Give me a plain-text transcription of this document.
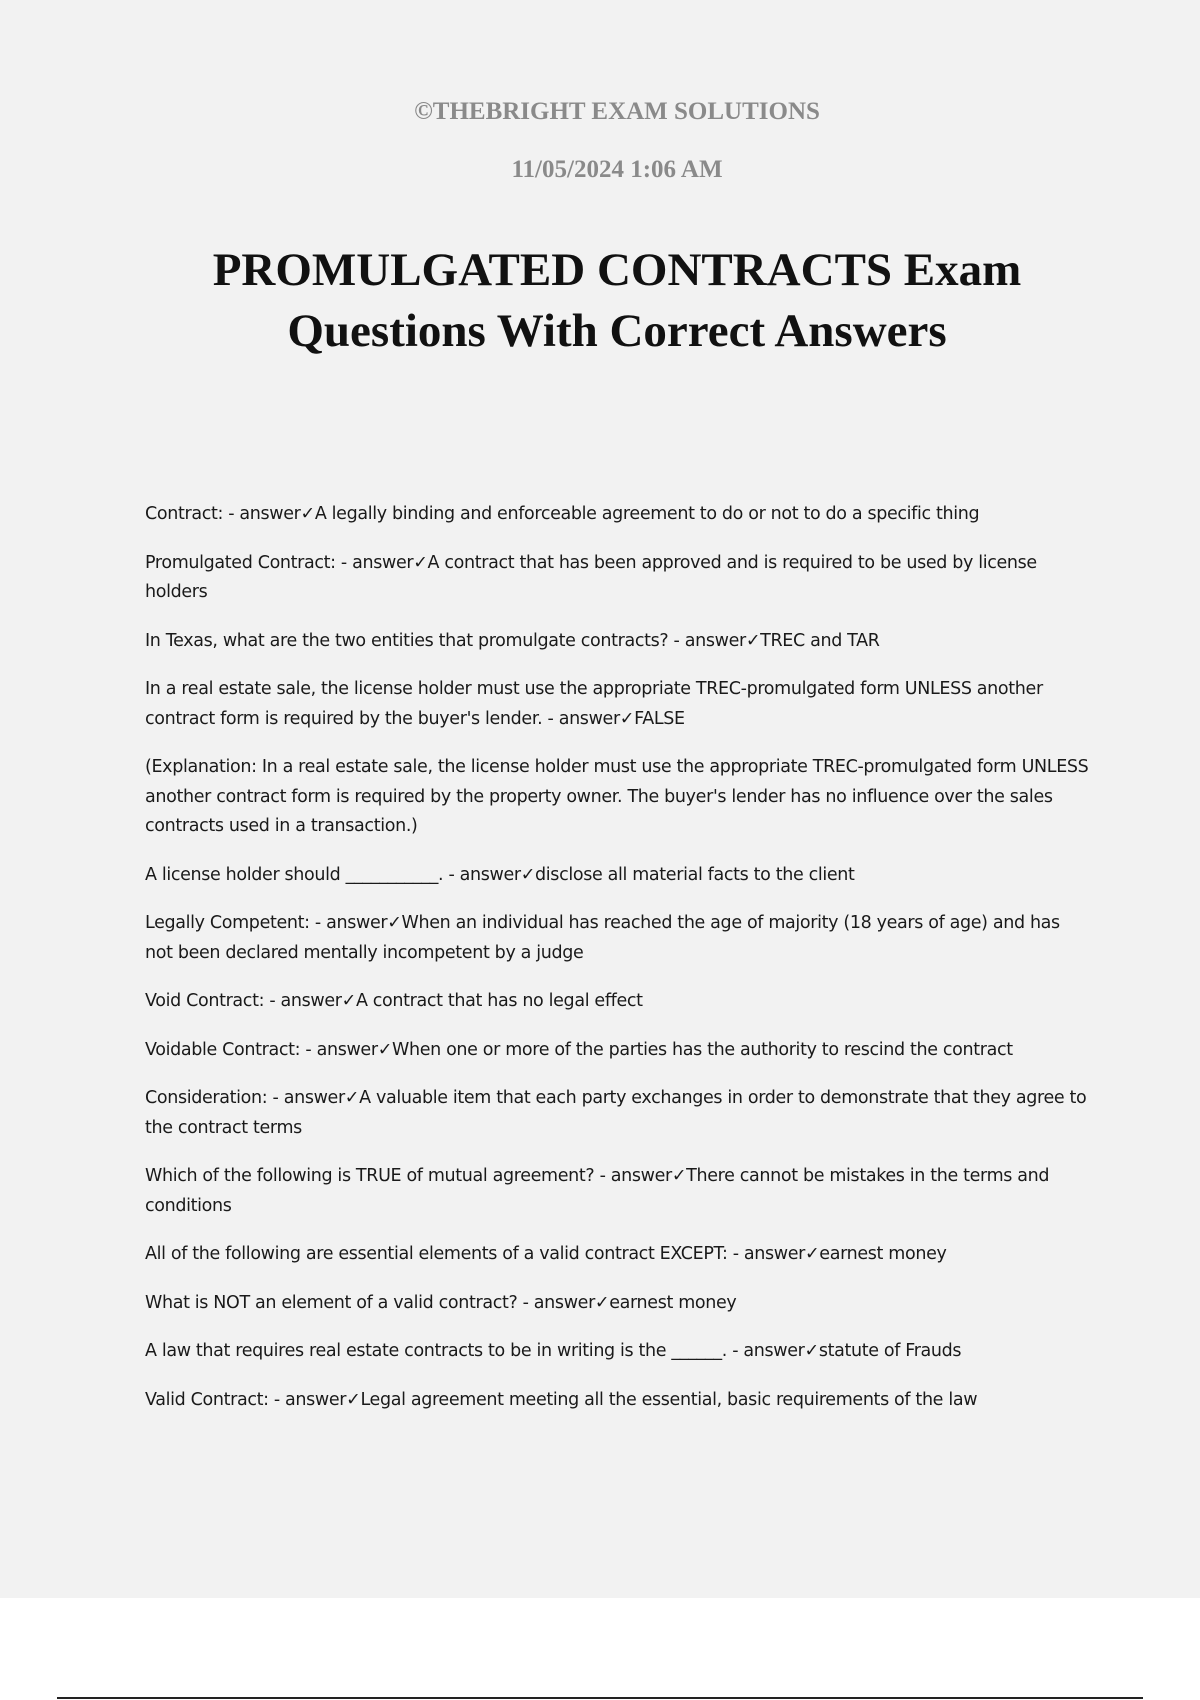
©THEBRIGHT EXAM SOLUTIONS
11/05/2024 1:06 AM
PROMULGATED CONTRACTS Exam
Questions With Correct Answers
Contract: - answer✓A legally binding and enforceable agreement to do or not to do a specific thing
Promulgated Contract: - answer✓A contract that has been approved and is required to be used by license holders
In Texas, what are the two entities that promulgate contracts? - answer✓TREC and TAR
In a real estate sale, the license holder must use the appropriate TREC-promulgated form UNLESS another contract form is required by the buyer's lender. - answer✓FALSE
(Explanation: In a real estate sale, the license holder must use the appropriate TREC-promulgated form UNLESS another contract form is required by the property owner. The buyer's lender has no influence over the sales contracts used in a transaction.)
A license holder should ___________. - answer✓disclose all material facts to the client
Legally Competent: - answer✓When an individual has reached the age of majority (18 years of age) and has not been declared mentally incompetent by a judge
Void Contract: - answer✓A contract that has no legal effect
Voidable Contract: - answer✓When one or more of the parties has the authority to rescind the contract
Consideration: - answer✓A valuable item that each party exchanges in order to demonstrate that they agree to the contract terms
Which of the following is TRUE of mutual agreement? - answer✓There cannot be mistakes in the terms and conditions
All of the following are essential elements of a valid contract EXCEPT: - answer✓earnest money
What is NOT an element of a valid contract? - answer✓earnest money
A law that requires real estate contracts to be in writing is the ______. - answer✓statute of Frauds
Valid Contract: - answer✓Legal agreement meeting all the essential, basic requirements of the law
